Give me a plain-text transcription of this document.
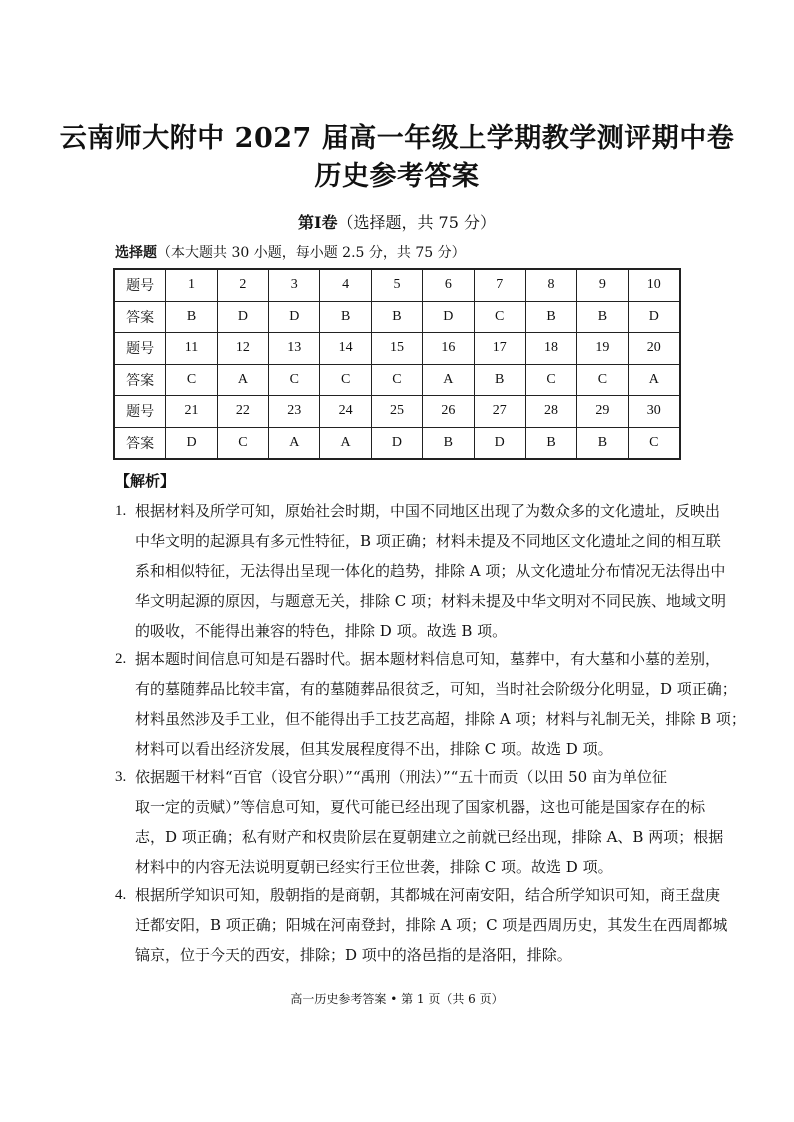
云南师大附中 2027 届高一年级上学期教学测评期中卷
历史参考答案
第Ⅰ卷（选择题，共 75 分）
选择题（本大题共 30 小题，每小题 2.5 分，共 75 分）
题号	1	2	3	4	5	6	7	8	9	10
答案	B	D	D	B	B	D	C	B	B	D
题号	11	12	13	14	15	16	17	18	19	20
答案	C	A	C	C	C	A	B	C	C	A
题号	21	22	23	24	25	26	27	28	29	30
答案	D	C	A	A	D	B	D	B	B	C
【解析】
1. 根据材料及所学可知，原始社会时期，中国不同地区出现了为数众多的文化遗址，反映出
中华文明的起源具有多元性特征，B 项正确；材料未提及不同地区文化遗址之间的相互联
系和相似特征，无法得出呈现一体化的趋势，排除 A 项；从文化遗址分布情况无法得出中
华文明起源的原因，与题意无关，排除 C 项；材料未提及中华文明对不同民族、地域文明
的吸收，不能得出兼容的特色，排除 D 项。故选 B 项。
2. 据本题时间信息可知是石器时代。据本题材料信息可知，墓葬中，有大墓和小墓的差别，
有的墓随葬品比较丰富，有的墓随葬品很贫乏，可知，当时社会阶级分化明显，D 项正确；
材料虽然涉及手工业，但不能得出手工技艺高超，排除 A 项；材料与礼制无关，排除 B 项；
材料可以看出经济发展，但其发展程度得不出，排除 C 项。故选 D 项。
3. 依据题干材料“百官（设官分职）”“禹刑（刑法）”“五十而贡（以田 50 亩为单位征
取一定的贡赋）”等信息可知，夏代可能已经出现了国家机器，这也可能是国家存在的标
志，D 项正确；私有财产和权贵阶层在夏朝建立之前就已经出现，排除 A、B 两项；根据
材料中的内容无法说明夏朝已经实行王位世袭，排除 C 项。故选 D 项。
4. 根据所学知识可知，殷朝指的是商朝，其都城在河南安阳，结合所学知识可知，商王盘庚
迁都安阳，B 项正确；阳城在河南登封，排除 A 项；C 项是西周历史，其发生在西周都城
镐京，位于今天的西安，排除；D 项中的洛邑指的是洛阳，排除。
高一历史参考答案 • 第 1 页（共 6 页）
